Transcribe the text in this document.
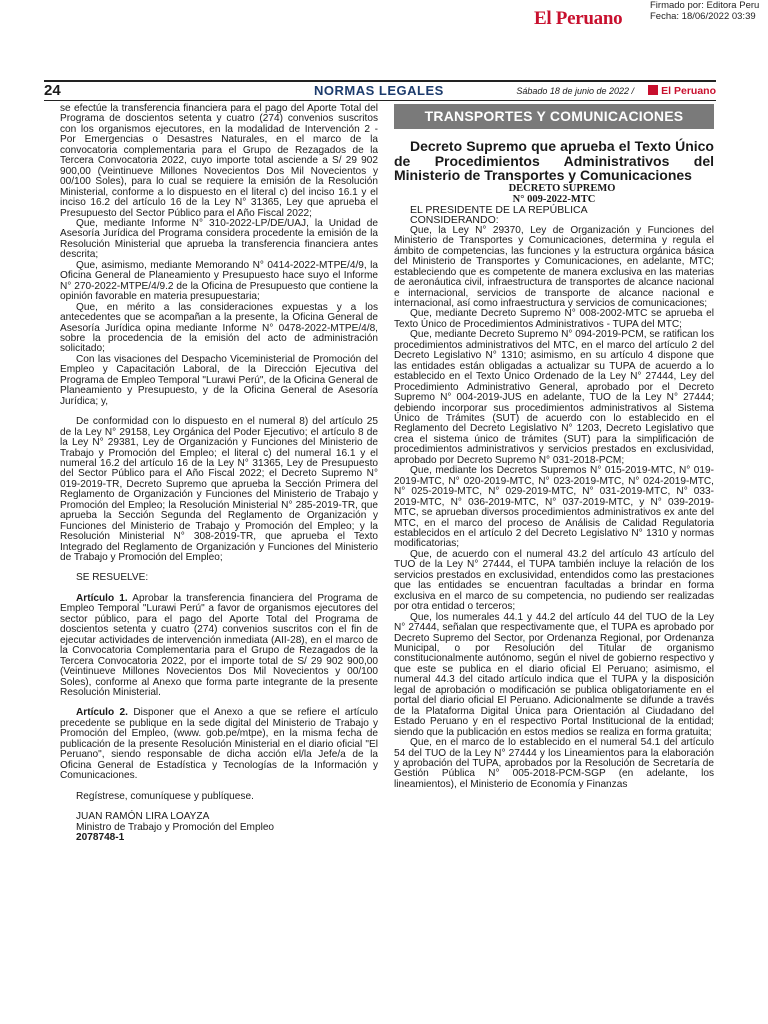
El Peruano
Firmado por: Editora Peru
Fecha: 18/06/2022 03:39
24	NORMAS LEGALES	Sábado 18 de junio de 2022 /	El Peruano

se efectúe la transferencia financiera para el pago del Aporte Total del Programa de doscientos setenta y cuatro (274) convenios suscritos con los organismos ejecutores, en la modalidad de Intervención 2 - Por Emergencias o Desastres Naturales, en el marco de la convocatoria complementaria para el Grupo de Rezagados de la Tercera Convocatoria 2022, cuyo importe total asciende a S/ 29 902 900,00 (Veintinueve Millones Novecientos Dos Mil Novecientos y 00/100 Soles), para lo cual se requiere la emisión de la Resolución Ministerial, conforme a lo dispuesto en el literal c) del inciso 16.1 y el inciso 16.2 del artículo 16 de la Ley N° 31365, Ley que aprueba el Presupuesto del Sector Público para el Año Fiscal 2022;

Que, mediante Informe N° 310-2022-LP/DE/UAJ, la Unidad de Asesoría Jurídica del Programa considera procedente la emisión de la Resolución Ministerial que aprueba la transferencia financiera antes descrita;

Que, asimismo, mediante Memorando N° 0414-2022-MTPE/4/9, la Oficina General de Planeamiento y Presupuesto hace suyo el Informe N° 270-2022-MTPE/4/9.2 de la Oficina de Presupuesto que contiene la opinión favorable en materia presupuestaria;

Que, en mérito a las consideraciones expuestas y a los antecedentes que se acompañan a la presente, la Oficina General de Asesoría Jurídica opina mediante Informe N° 0478-2022-MTPE/4/8, sobre la procedencia de la emisión del acto de administración solicitado;

Con las visaciones del Despacho Viceministerial de Promoción del Empleo y Capacitación Laboral, de la Dirección Ejecutiva del Programa de Empleo Temporal "Lurawi Perú", de la Oficina General de Planeamiento y Presupuesto, y de la Oficina General de Asesoría Jurídica; y,

De conformidad con lo dispuesto en el numeral 8) del artículo 25 de la Ley N° 29158, Ley Orgánica del Poder Ejecutivo; el artículo 8 de la Ley N° 29381, Ley de Organización y Funciones del Ministerio de Trabajo y Promoción del Empleo; el literal c) del numeral 16.1 y el numeral 16.2 del artículo 16 de la Ley N° 31365, Ley de Presupuesto del Sector Público para el Año Fiscal 2022; el Decreto Supremo N° 019-2019-TR, Decreto Supremo que aprueba la Sección Primera del Reglamento de Organización y Funciones del Ministerio de Trabajo y Promoción del Empleo; la Resolución Ministerial N° 285-2019-TR, que aprueba la Sección Segunda del Reglamento de Organización y Funciones del Ministerio de Trabajo y Promoción del Empleo; y la Resolución Ministerial N° 308-2019-TR, que aprueba el Texto Integrado del Reglamento de Organización y Funciones del Ministerio de Trabajo y Promoción del Empleo;

SE RESUELVE:

Artículo 1. Aprobar la transferencia financiera del Programa de Empleo Temporal "Lurawi Perú" a favor de organismos ejecutores del sector público, para el pago del Aporte Total del Programa de doscientos setenta y cuatro (274) convenios suscritos con el fin de ejecutar actividades de intervención inmediata (AII-28), en el marco de la Convocatoria Complementaria para el Grupo de Rezagados de la Tercera Convocatoria 2022, por el importe total de S/ 29 902 900,00 (Veintinueve Millones Novecientos Dos Mil Novecientos y 00/100 Soles), conforme al Anexo que forma parte integrante de la presente Resolución Ministerial.

Artículo 2. Disponer que el Anexo a que se refiere el artículo precedente se publique en la sede digital del Ministerio de Trabajo y Promoción del Empleo, (www. gob.pe/mtpe), en la misma fecha de publicación de la presente Resolución Ministerial en el diario oficial "El Peruano", siendo responsable de dicha acción el/la Jefe/a de la Oficina General de Estadística y Tecnologías de la Información y Comunicaciones.

Regístrese, comuníquese y publíquese.

JUAN RAMÓN LIRA LOAYZA

Ministro de Trabajo y Promoción del Empleo

2078748-1

TRANSPORTES Y COMUNICACIONES

Decreto Supremo que aprueba el Texto Único de Procedimientos Administrativos del Ministerio de Transportes y Comunicaciones

DECRETO SUPREMO
N° 009-2022-MTC

EL PRESIDENTE DE LA REPÚBLICA

CONSIDERANDO:

Que, la Ley N° 29370, Ley de Organización y Funciones del Ministerio de Transportes y Comunicaciones, determina y regula el ámbito de competencias, las funciones y la estructura orgánica básica del Ministerio de Transportes y Comunicaciones, en adelante, MTC; estableciendo que es competente de manera exclusiva en las materias de aeronáutica civil, infraestructura de transportes de alcance nacional e internacional, servicios de transporte de alcance nacional e internacional, así como infraestructura y servicios de comunicaciones;

Que, mediante Decreto Supremo N° 008-2002-MTC se aprueba el Texto Único de Procedimientos Administrativos - TUPA del MTC;

Que, mediante Decreto Supremo N° 094-2019-PCM, se ratifican los procedimientos administrativos del MTC, en el marco del artículo 2 del Decreto Legislativo N° 1310; asimismo, en su artículo 4 dispone que las entidades están obligadas a actualizar su TUPA de acuerdo a lo establecido en el Texto Único Ordenado de la Ley N° 27444, Ley del Procedimiento Administrativo General, aprobado por el Decreto Supremo N° 004-2019-JUS en adelante, TUO de la Ley N° 27444; debiendo incorporar sus procedimientos administrativos al Sistema Único de Trámites (SUT) de acuerdo con lo establecido en el Reglamento del Decreto Legislativo N° 1203, Decreto Legislativo que crea el sistema único de trámites (SUT) para la simplificación de procedimientos administrativos y servicios prestados en exclusividad, aprobado por Decreto Supremo N° 031-2018-PCM;

Que, mediante los Decretos Supremos N° 015-2019-MTC, N° 019-2019-MTC, N° 020-2019-MTC, N° 023-2019-MTC, N° 024-2019-MTC, N° 025-2019-MTC, N° 029-2019-MTC, N° 031-2019-MTC, N° 033-2019-MTC, N° 036-2019-MTC, N° 037-2019-MTC, y N° 039-2019-MTC, se aprueban diversos procedimientos administrativos ex ante del MTC, en el marco del proceso de Análisis de Calidad Regulatoria establecidos en el artículo 2 del Decreto Legislativo N° 1310 y normas modificatorias;

Que, de acuerdo con el numeral 43.2 del artículo 43 artículo del TUO de la Ley N° 27444, el TUPA también incluye la relación de los servicios prestados en exclusividad, entendidos como las prestaciones que las entidades se encuentran facultadas a brindar en forma exclusiva en el marco de su competencia, no pudiendo ser realizadas por otra entidad o terceros;

Que, los numerales 44.1 y 44.2 del artículo 44 del TUO de la Ley N° 27444, señalan que respectivamente que, el TUPA es aprobado por Decreto Supremo del Sector, por Ordenanza Regional, por Ordenanza Municipal, o por Resolución del Titular de organismo constitucionalmente autónomo, según el nivel de gobierno respectivo y que este se publica en el diario oficial El Peruano; asimismo, el numeral 44.3 del citado artículo indica que el TUPA y la disposición legal de aprobación o modificación se publica obligatoriamente en el portal del diario oficial El Peruano. Adicionalmente se difunde a través de la Plataforma Digital Única para Orientación al Ciudadano del Estado Peruano y en el respectivo Portal Institucional de la entidad; siendo que la publicación en estos medios se realiza en forma gratuita;

Que, en el marco de lo establecido en el numeral 54.1 del artículo 54 del TUO de la Ley N° 27444 y los Lineamientos para la elaboración y aprobación del TUPA, aprobados por la Resolución de Secretaría de Gestión Pública N° 005-2018-PCM-SGP (en adelante, los lineamientos), el Ministerio de Economía y Finanzas
